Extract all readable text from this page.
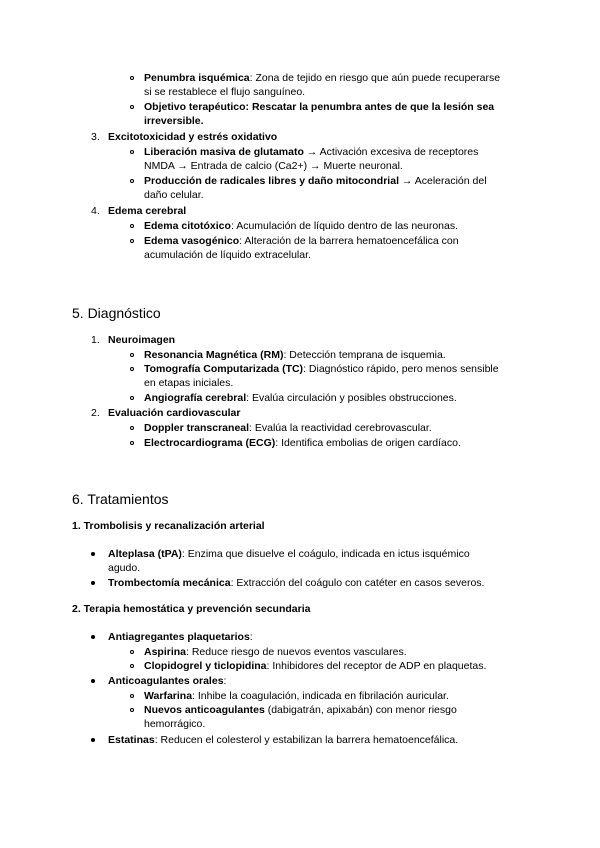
Penumbra isquémica: Zona de tejido en riesgo que aún puede recuperarse
si se restablece el flujo sanguíneo.
Objetivo terapéutico: Rescatar la penumbra antes de que la lesión sea
irreversible.
3. Excitotoxicidad y estrés oxidativo
Liberación masiva de glutamato → Activación excesiva de receptores
NMDA → Entrada de calcio (Ca2+) → Muerte neuronal.
Producción de radicales libres y daño mitocondrial → Aceleración del
daño celular.
4. Edema cerebral
Edema citotóxico: Acumulación de líquido dentro de las neuronas.
Edema vasogénico: Alteración de la barrera hematoencefálica con
acumulación de líquido extracelular.
5. Diagnóstico
1. Neuroimagen
Resonancia Magnética (RM): Detección temprana de isquemia.
Tomografía Computarizada (TC): Diagnóstico rápido, pero menos sensible
en etapas iniciales.
Angiografía cerebral: Evalúa circulación y posibles obstrucciones.
2. Evaluación cardiovascular
Doppler transcraneal: Evalúa la reactividad cerebrovascular.
Electrocardiograma (ECG): Identifica embolias de origen cardíaco.
6. Tratamientos
1. Trombolisis y recanalización arterial
Alteplasa (tPA): Enzima que disuelve el coágulo, indicada en ictus isquémico
agudo.
Trombectomía mecánica: Extracción del coágulo con catéter en casos severos.
2. Terapia hemostática y prevención secundaria
Antiagregantes plaquetarios:
Aspirina: Reduce riesgo de nuevos eventos vasculares.
Clopidogrel y ticlopidina: Inhibidores del receptor de ADP en plaquetas.
Anticoagulantes orales:
Warfarina: Inhibe la coagulación, indicada en fibrilación auricular.
Nuevos anticoagulantes (dabigatrán, apixabán) con menor riesgo
hemorrágico.
Estatinas: Reducen el colesterol y estabilizan la barrera hematoencefálica.
